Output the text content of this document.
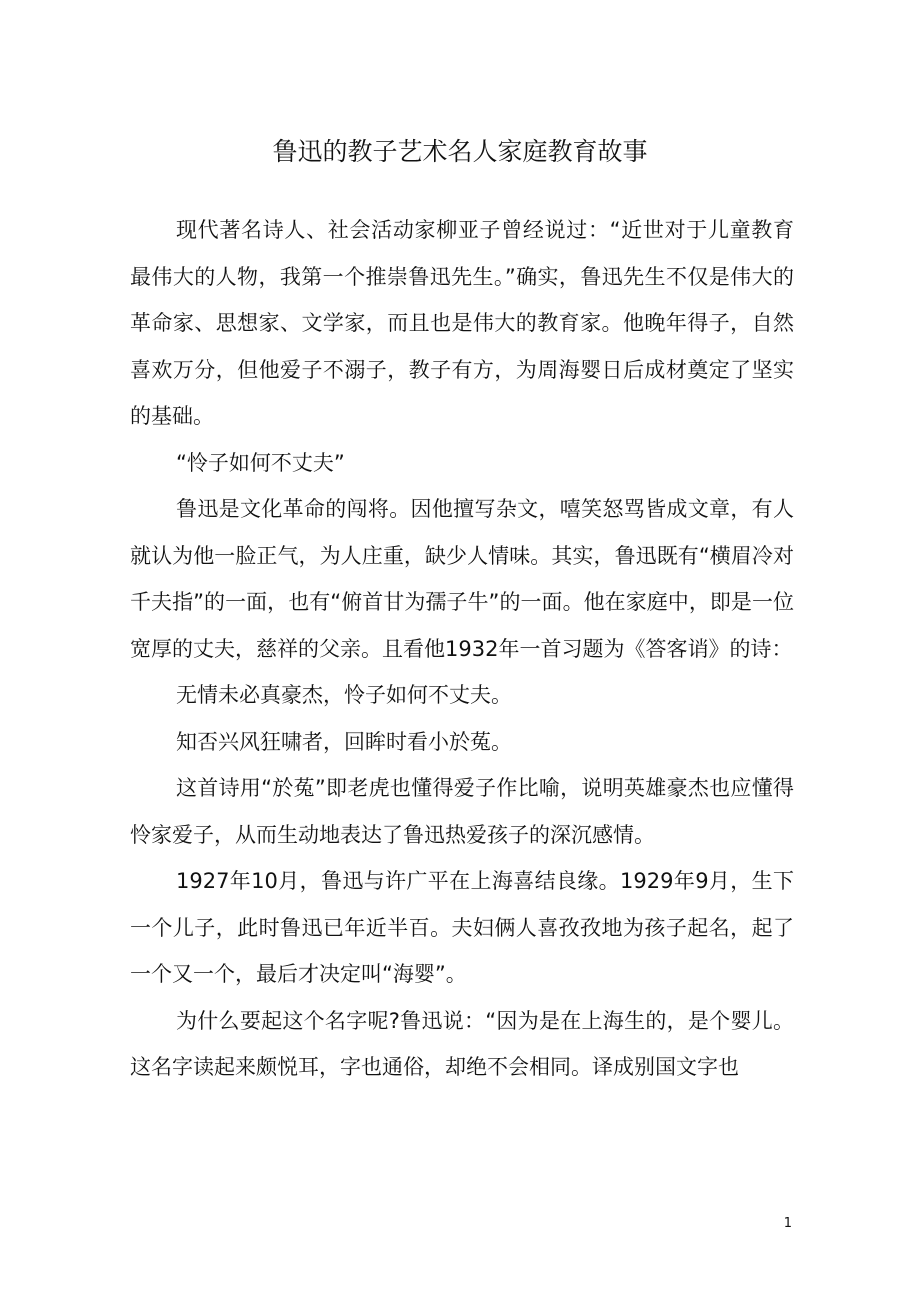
鲁迅的教子艺术名人家庭教育故事

现代著名诗人、社会活动家柳亚子曾经说过：“近世对于儿童教育最伟大的人物，我第一个推崇鲁迅先生。”确实，鲁迅先生不仅是伟大的革命家、思想家、文学家，而且也是伟大的教育家。他晚年得子，自然喜欢万分，但他爱子不溺子，教子有方，为周海婴日后成材奠定了坚实的基础。

“怜子如何不丈夫”

鲁迅是文化革命的闯将。因他擅写杂文，嘻笑怒骂皆成文章，有人就认为他一脸正气，为人庄重，缺少人情味。其实，鲁迅既有“横眉冷对千夫指”的一面，也有“俯首甘为孺子牛”的一面。他在家庭中，即是一位宽厚的丈夫，慈祥的父亲。且看他1932年一首习题为《答客诮》的诗：

无情未必真豪杰，怜子如何不丈夫。

知否兴风狂啸者，回眸时看小於菟。

这首诗用“於菟”即老虎也懂得爱子作比喻，说明英雄豪杰也应懂得怜家爱子，从而生动地表达了鲁迅热爱孩子的深沉感情。

1927年10月，鲁迅与许广平在上海喜结良缘。1929年9月，生下一个儿子，此时鲁迅已年近半百。夫妇俩人喜孜孜地为孩子起名，起了一个又一个，最后才决定叫“海婴”。

为什么要起这个名字呢?鲁迅说：“因为是在上海生的，是个婴儿。这名字读起来颇悦耳，字也通俗，却绝不会相同。译成别国文字也

1
